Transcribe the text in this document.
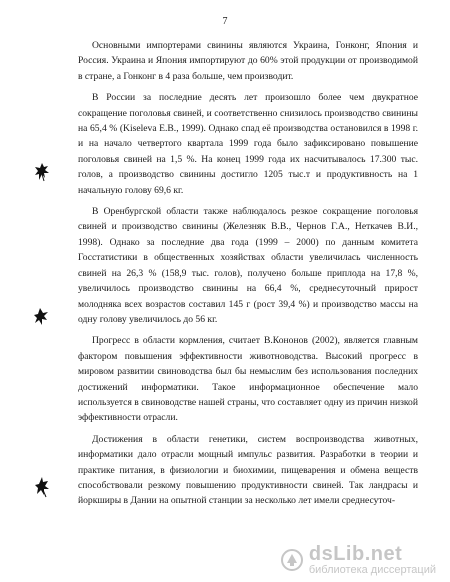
7

Основными импортерами свинины являются Украина, Гонконг, Япония и Россия. Украина и Япония импортируют до 60% этой продукции от производимой в стране, а Гонконг в 4 раза больше, чем производит.

В России за последние десять лет произошло более чем двукратное сокращение поголовья свиней, и соответственно снизилось производство свинины на 65,4 % (Kiseleva E.B., 1999). Однако спад её производства остановился в 1998 г. и на начало четвертого квартала 1999 года было зафиксировано повышение поголовья свиней на 1,5 %. На конец 1999 года их насчитывалось 17.300 тыс. голов, а производство свинины достигло 1205 тыс.т и продуктивность на 1 начальную голову 69,6 кг.

В Оренбургской области также наблюдалось резкое сокращение поголовья свиней и производство свинины (Железняк В.В., Чернов Г.А., Неткачев В.И., 1998). Однако за последние два года (1999 – 2000) по данным комитета Госстатистики в общественных хозяйствах области увеличилась численность свиней на 26,3 % (158,9 тыс. голов), получено больше приплода на 17,8 %, увеличилось производство свинины на 66,4 %, среднесуточный прирост молодняка всех возрастов составил 145 г (рост 39,4 %) и производство массы на одну голову увеличилось до 56 кг.

Прогресс в области кормления, считает В.Кононов (2002), является главным фактором повышения эффективности животноводства. Высокий прогресс в мировом развитии свиноводства был бы немыслим без использования последних достижений информатики. Такое информационное обеспечение мало используется в свиноводстве нашей страны, что составляет одну из причин низкой эффективности отрасли.

Достижения в области генетики, систем воспроизводства животных, информатики дало отрасли мощный импульс развития. Разработки в теории и практике питания, в физиологии и биохимии, пищеварения и обмена веществ способствовали резкому повышению продуктивности свиней. Так ландрасы и йоркширы в Дании на опытной станции за несколько лет имели среднесуточ-

dsLib.net
библиотека диссертаций
